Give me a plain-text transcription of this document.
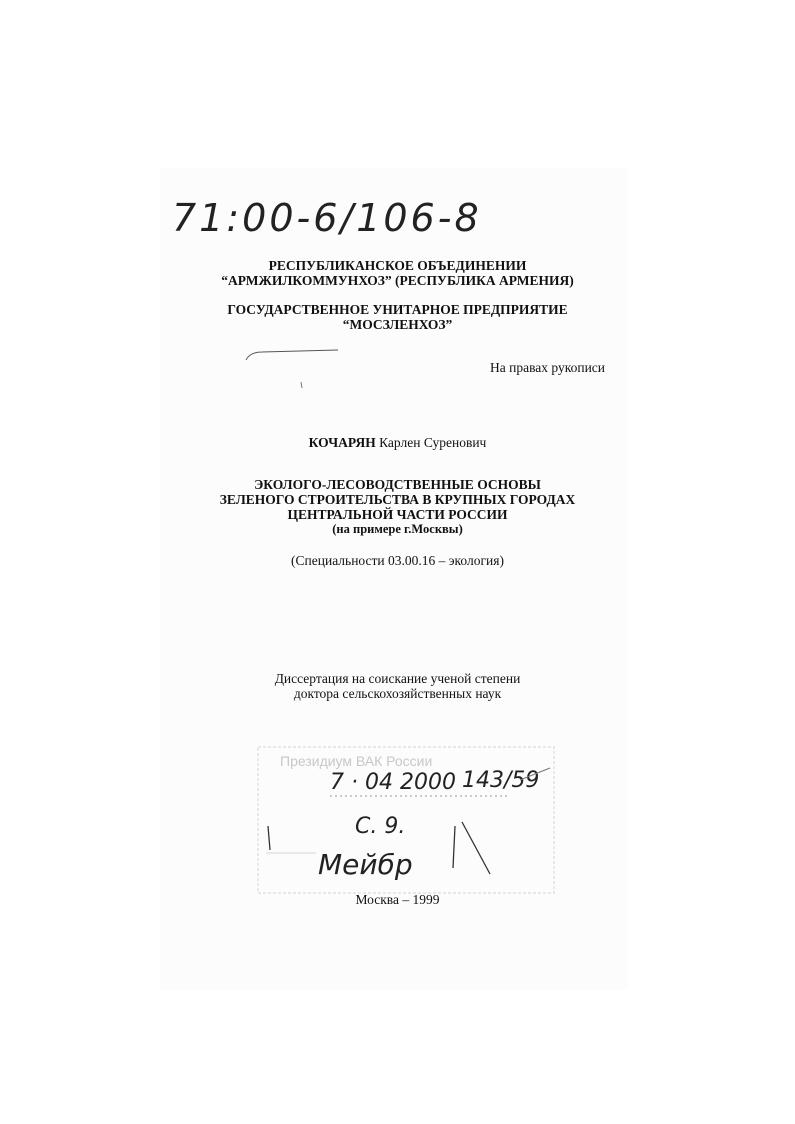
71:00-6/106-8
РЕСПУБЛИКАНСКОЕ ОБЪЕДИНЕНИИ
“АРМЖИЛКОММУНХОЗ” (РЕСПУБЛИКА АРМЕНИЯ)
ГОСУДАРСТВЕННОЕ УНИТАРНОЕ ПРЕДПРИЯТИЕ
“МОСЗЛЕНХОЗ”
На правах рукописи
КОЧАРЯН Карлен Суренович
ЭКОЛОГО-ЛЕСОВОДСТВЕННЫЕ ОСНОВЫ
ЗЕЛЕНОГО СТРОИТЕЛЬСТВА В КРУПНЫХ ГОРОДАХ
ЦЕНТРАЛЬНОЙ ЧАСТИ РОССИИ
(на примере г.Москвы)
(Специальности 03.00.16 – экология)
Диссертация на соискание ученой степени
доктора сельскохозяйственных наук
Президиум ВАК России
7 · 04 2000 143/59
С. 9.
Мейбр
Москва – 1999
